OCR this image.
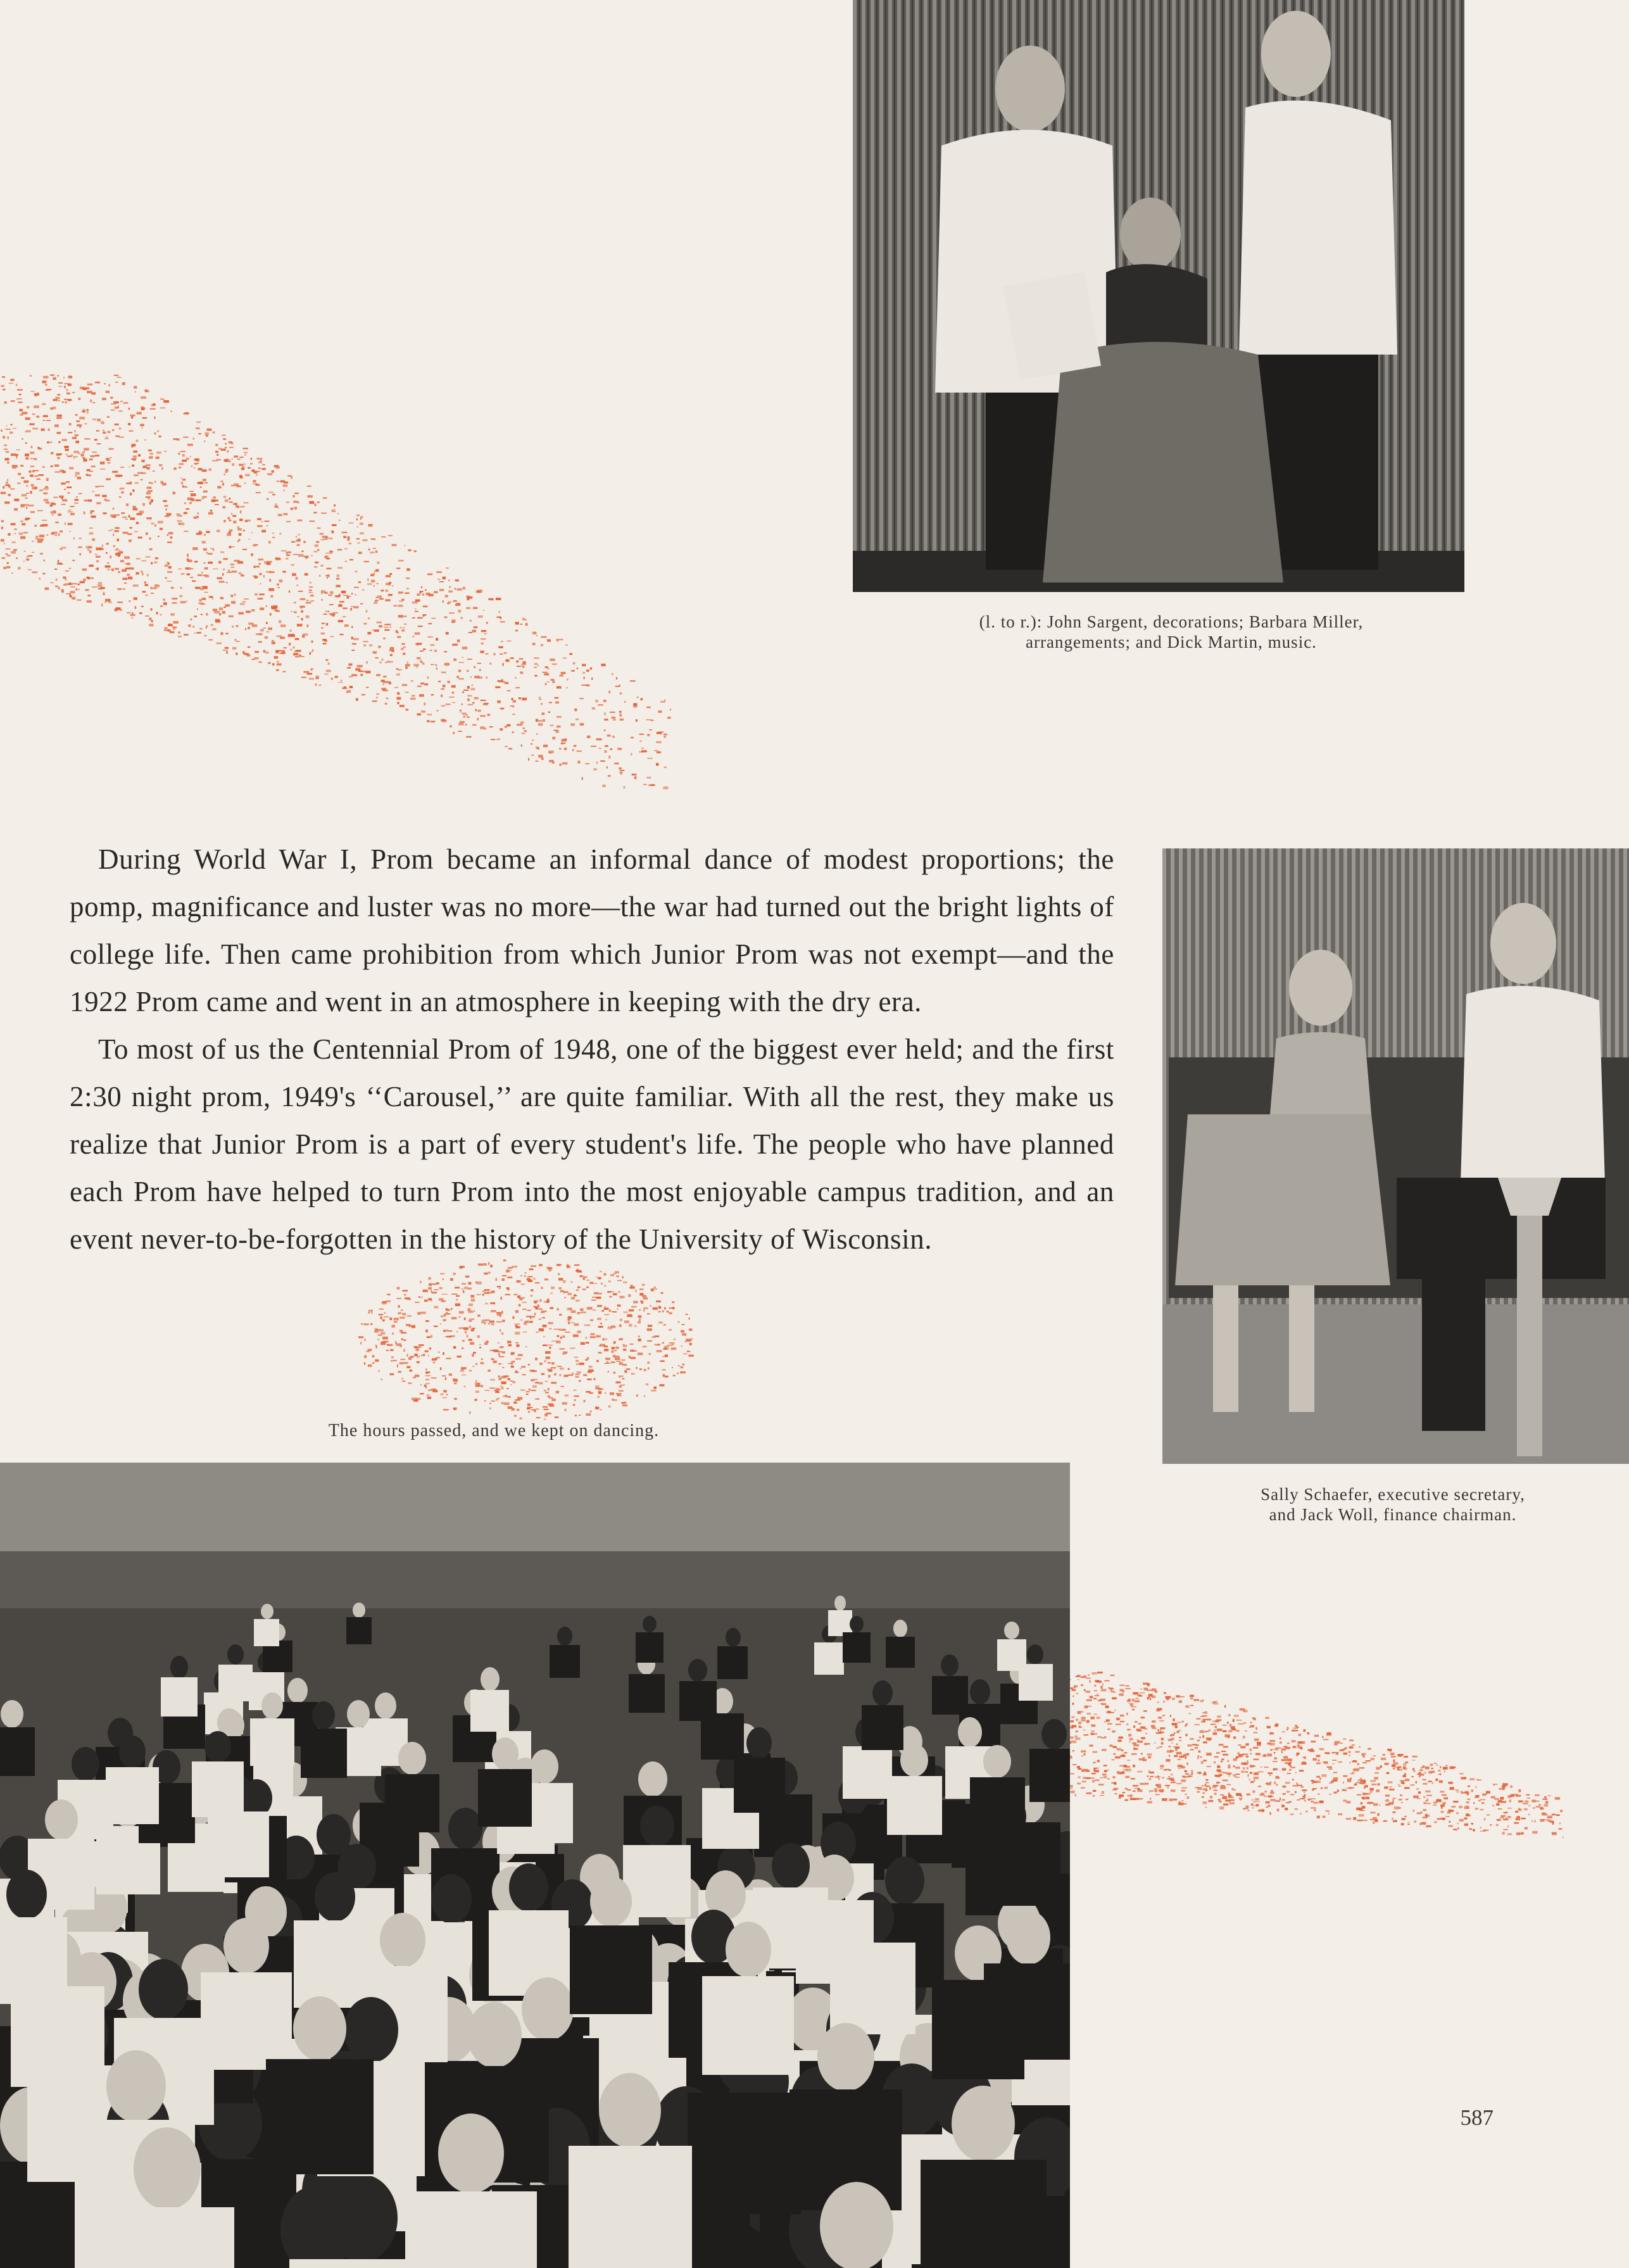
(l. to r.): John Sargent, decorations; Barbara Miller,
arrangements; and Dick Martin, music.

Sally Schaefer, executive secretary,
and Jack Woll, finance chairman.

During World War I, Prom became an informal dance of modest proportions; the pomp, magnificance and luster was no more—the war had turned out the bright lights of college life. Then came prohibition from which Junior Prom was not exempt—and the 1922 Prom came and went in an atmosphere in keeping with the dry era.

To most of us the Centennial Prom of 1948, one of the biggest ever held; and the first 2:30 night prom, 1949's ‘‘Carousel,’’ are quite familiar. With all the rest, they make us realize that Junior Prom is a part of every student's life. The people who have planned each Prom have helped to turn Prom into the most enjoyable campus tradition, and an event never-to-be-forgotten in the history of the University of Wisconsin.

The hours passed, and we kept on dancing.

587
